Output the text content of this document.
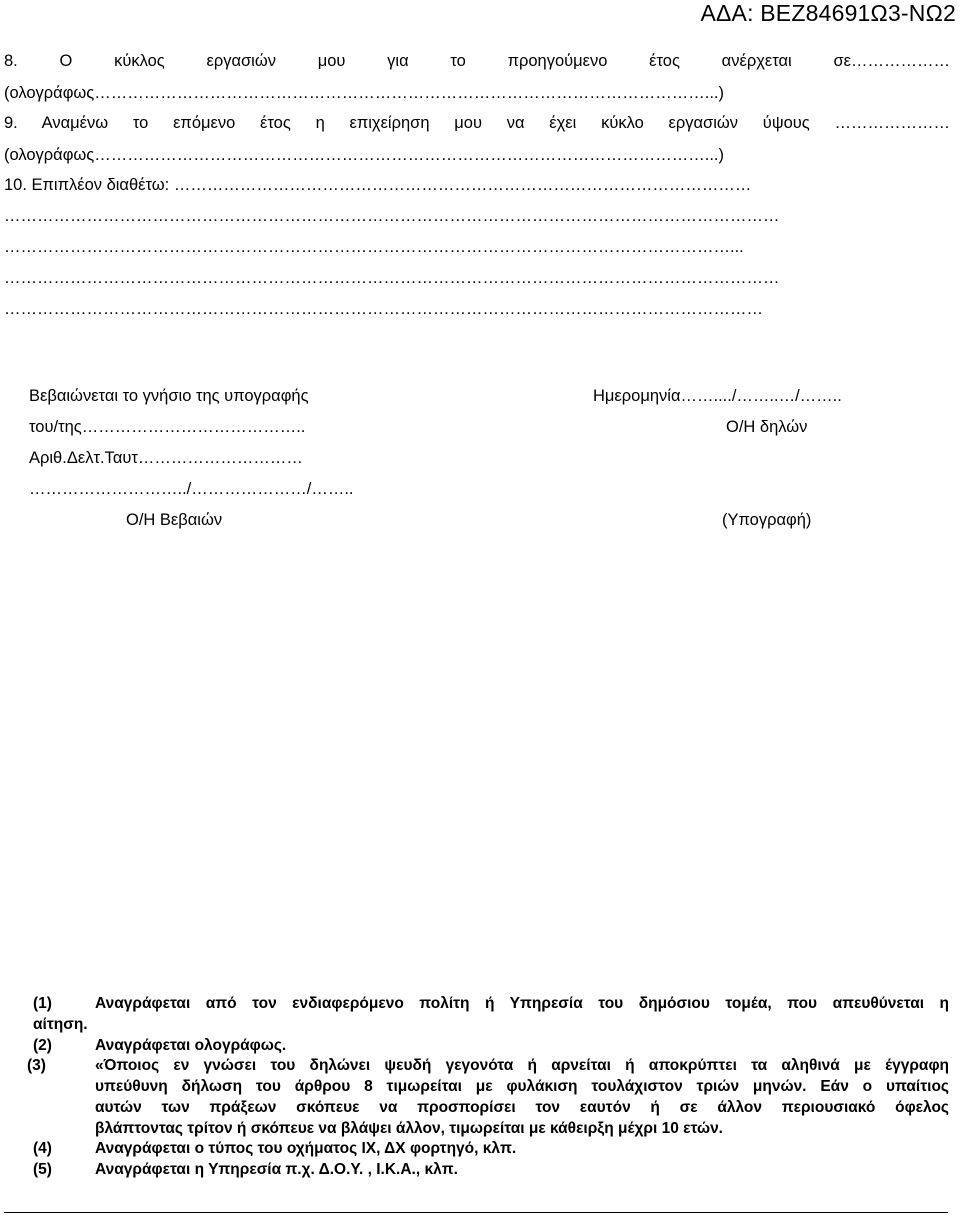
ΑΔΑ: ΒΕΖ84691Ω3-ΝΩ2
8. Ο κύκλος εργασιών μου για το προηγούμενο έτος ανέρχεται σε………………
(ολογράφως…………………………………………………………………………………………………...)
9. Αναμένω το επόμενο έτος η επιχείρηση μου να έχει κύκλο εργασιών ύψους …………………
(ολογράφως…………………………………………………………………………………………………...)
10. Επιπλέον διαθέτω: ……………………………………………………………………………………………
……………………………………………………………………………………………………………………………
……………………………………………………………………………………………………………………...
……………………………………………………………………………………………………………………………
…………………………………………………………………………………………………………………………
Βεβαιώνεται το γνήσιο της υπογραφής
του/της…………………………………..
Αριθ.Δελτ.Ταυτ…………………………
………………………../…………………/……..
Ο/Η Βεβαιών
Ημερομηνία……..../……..…/……..
Ο/Η δηλών
(Υπογραφή)
(1)	Αναγράφεται από τον ενδιαφερόμενο πολίτη ή Υπηρεσία του δημόσιου τομέα, που απευθύνεται η
αίτηση.
(2)	Αναγράφεται ολογράφως.
(3)	«Όποιος εν γνώσει του δηλώνει ψευδή γεγονότα ή αρνείται ή αποκρύπτει τα αληθινά με έγγραφη
υπεύθυνη δήλωση του άρθρου 8 τιμωρείται με φυλάκιση τουλάχιστον τριών μηνών. Εάν ο υπαίτιος
αυτών των πράξεων σκόπευε να προσπορίσει τον εαυτόν ή σε άλλον περιουσιακό όφελος
βλάπτοντας τρίτον ή σκόπευε να βλάψει άλλον, τιμωρείται με κάθειρξη μέχρι 10 ετών.
(4)	Αναγράφεται ο τύπος του οχήματος ΙΧ, ΔΧ φορτηγό, κλπ.
(5)	Αναγράφεται η Υπηρεσία π.χ. Δ.Ο.Υ. , Ι.Κ.Α., κλπ.
